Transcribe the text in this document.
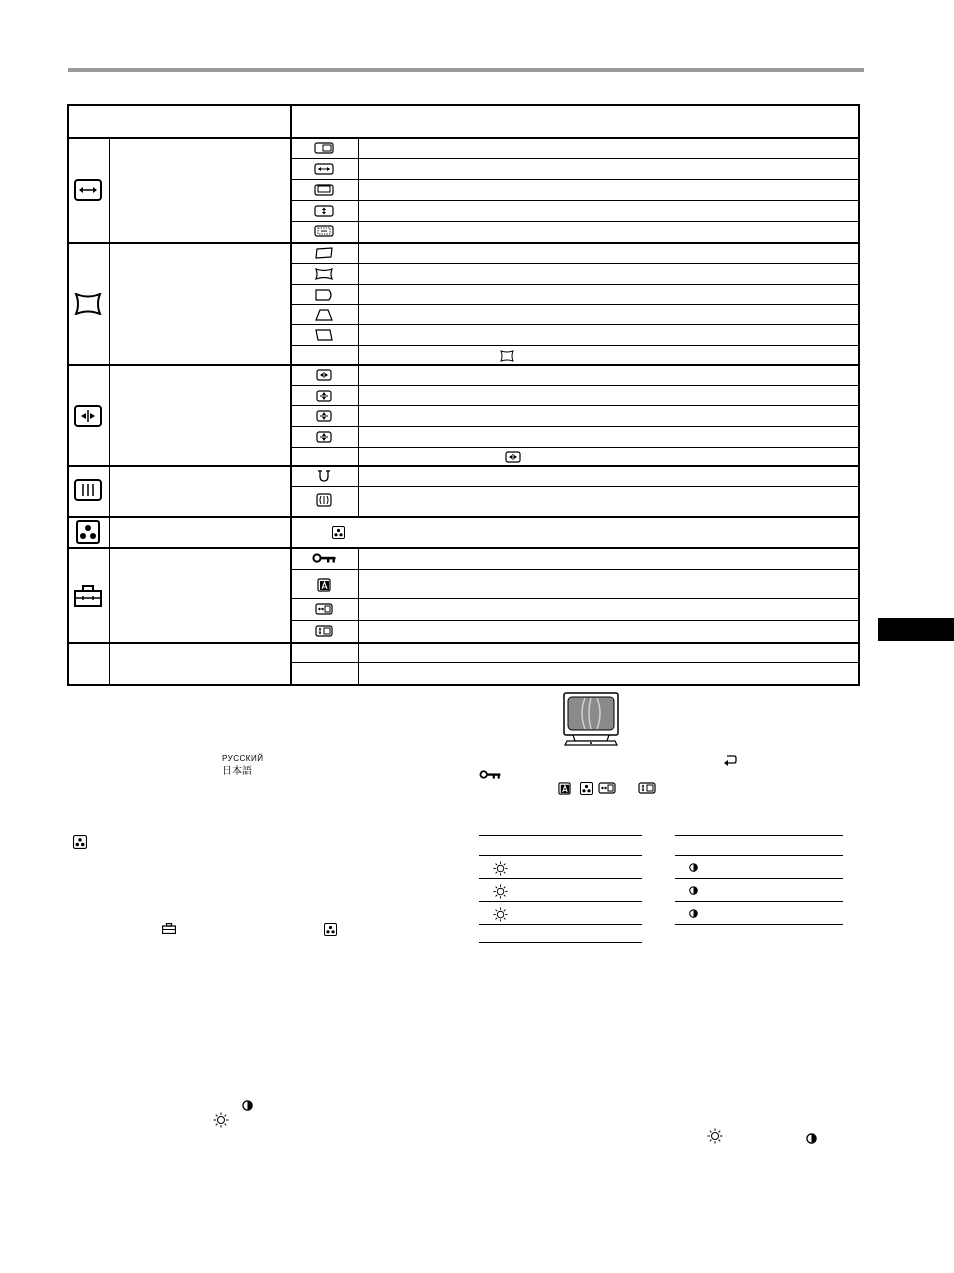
РУССКИЙ
日本語
